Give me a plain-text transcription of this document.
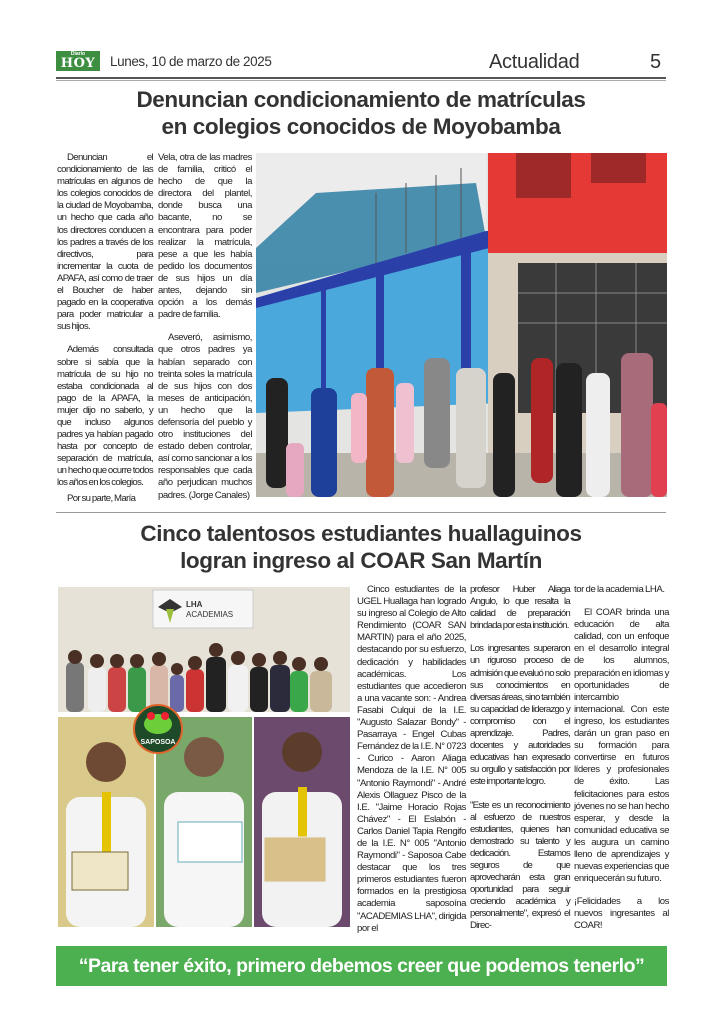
Diario
HOY	Lunes, 10 de marzo de 2025	Actualidad	5
Denuncian condicionamiento de matrículas
en colegios conocidos de Moyobamba

Denuncian el condicionamiento de las matrículas en algunos de los colegios conocidos de la ciudad de Moyobamba, un hecho que cada año los directores conducen a los padres a través de los directivos, para incrementar la cuota de APAFA, así como de traer el Boucher de haber pagado en la cooperativa para poder matricular a sus hijos.

Además consultada sobre si sabía que la matrícula de su hijo no estaba condicionada al pago de la APAFA, la mujer dijo no saberlo, y que incluso algunos padres ya habían pagado hasta por concepto de separación de matrícula, un hecho que ocurre todos los años en los colegios.

Por su parte, María

Vela, otra de las madres de familia, criticó el hecho de que la directora del plantel, donde busca una bacante, no se encontrara para poder realizar la matrícula, pese a que les había pedido los documentos de sus hijos un día antes, dejando sin opción a los demás padre de familia.

Aseveró, asimismo, que otros padres ya habían separado con treinta soles la matrícula de sus hijos con dos meses de anticipación, un hecho que la defensoría del pueblo y otro instituciones del estado deben controlar, así como sancionar a los responsables que cada año perjudican muchos padres. (Jorge Canales)

Cinco talentosos estudiantes huallaguinos
logran ingreso al COAR San Martín
LHA
ACADEMIAS
SAPOSOA

Cinco estudiantes de la UGEL Huallaga han logrado su ingreso al Colegio de Alto Rendimiento (COAR SAN MARTIN) para el año 2025, destacando por su esfuerzo, dedicación y habilidades académicas. Los estudiantes que accedieron a una vacante son: - Andrea Fasabi Culqui de la I.E. "Augusto Salazar Bondy" - Pasarraya - Engel Cubas Fernández de la I.E. N° 0723 - Curico - Aaron Aliaga Mendoza de la I.E. N° 005 "Antonio Raymondi" - André Alexis Ollaguez Pisco de la I.E. "Jaime Horacio Rojas Chávez" - El Eslabón - Carlos Daniel Tapia Rengifo de la I.E. N° 005 "Antonio Raymondi" - Saposoa Cabe destacar que los tres primeros estudiantes fueron formados en la prestigiosa academia saposoína "ACADEMIAS LHA", dirigida por el

profesor Huber Aliaga Angulo, lo que resalta la calidad de preparación brindada por esta institución.

Los ingresantes superaron un riguroso proceso de admisión que evaluó no solo sus conocimientos en diversas áreas, sino también su capacidad de liderazgo y compromiso con el aprendizaje. Padres, docentes y autoridades educativas han expresado su orgullo y satisfacción por este importante logro.

"Este es un reconocimiento al esfuerzo de nuestros estudiantes, quienes han demostrado su talento y dedicación. Estamos seguros de que aprovecharán esta gran oportunidad para seguir creciendo académica y personalmente", expresó el Direc-

tor de la academia LHA.

El COAR brinda una educación de alta calidad, con un enfoque en el desarrollo integral de los alumnos, preparación en idiomas y oportunidades de intercambio internacional. Con este ingreso, los estudiantes darán un gran paso en su formación para convertirse en futuros líderes y profesionales de éxito. Las felicitaciones para estos jóvenes no se han hecho esperar, y desde la comunidad educativa se les augura un camino lleno de aprendizajes y nuevas experiencias que enriquecerán su futuro.

¡Felicidades a los nuevos ingresantes al COAR!

“Para tener éxito, primero debemos creer que podemos tenerlo”
